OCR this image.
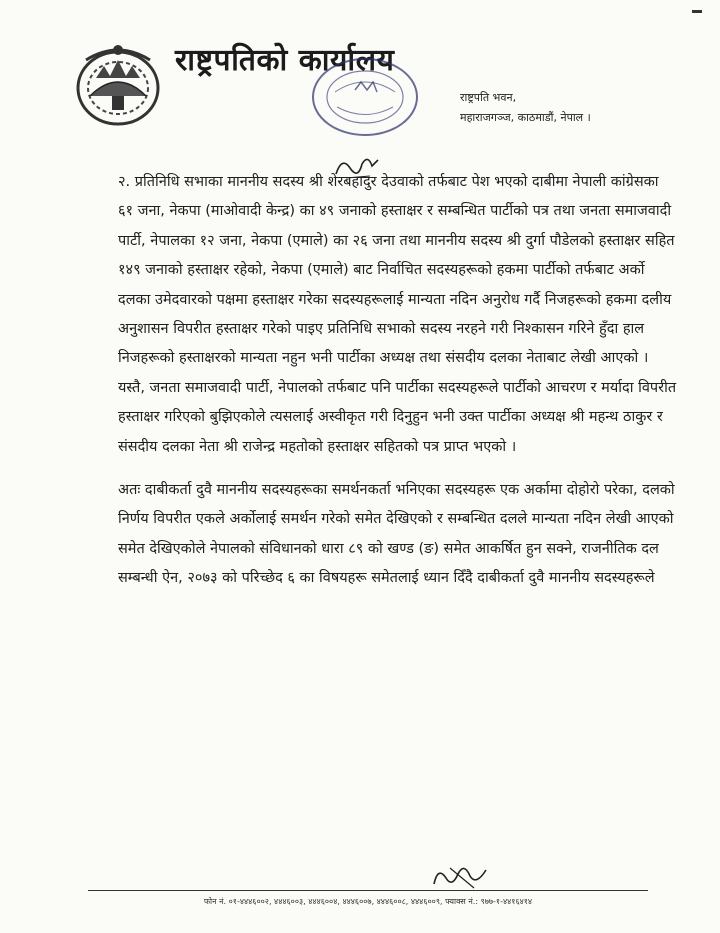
राष्ट्रपतिको कार्यालय
राष्ट्रपति भवन,
महाराजगञ्ज, काठमाडौं, नेपाल ।
२. प्रतिनिधि सभाका माननीय सदस्य श्री शेरबहादुर देउवाको तर्फबाट पेश भएको दाबीमा नेपाली कांग्रेसका ६१ जना, नेकपा (माओवादी केन्द्र) का ४९ जनाको हस्ताक्षर र सम्बन्धित पार्टीको पत्र तथा जनता समाजवादी पार्टी, नेपालका १२ जना, नेकपा (एमाले) का २६ जना तथा माननीय सदस्य श्री दुर्गा पौडेलको हस्ताक्षर सहित १४९ जनाको हस्ताक्षर रहेको, नेकपा (एमाले) बाट निर्वाचित सदस्यहरूको हकमा पार्टीको तर्फबाट अर्को दलका उमेदवारको पक्षमा हस्ताक्षर गरेका सदस्यहरूलाई मान्यता नदिन अनुरोध गर्दै निजहरूको हकमा दलीय अनुशासन विपरीत हस्ताक्षर गरेको पाइए प्रतिनिधि सभाको सदस्य नरहने गरी निश्कासन गरिने हुँदा हाल निजहरूको हस्ताक्षरको मान्यता नहुन भनी पार्टीका अध्यक्ष तथा संसदीय दलका नेताबाट लेखी आएको । यस्तै, जनता समाजवादी पार्टी, नेपालको तर्फबाट पनि पार्टीका सदस्यहरूले पार्टीको आचरण र मर्यादा विपरीत हस्ताक्षर गरिएको बुझिएकोले त्यसलाई अस्वीकृत गरी दिनुहुन भनी उक्त पार्टीका अध्यक्ष श्री महन्थ ठाकुर र संसदीय दलका नेता श्री राजेन्द्र महतोको हस्ताक्षर सहितको पत्र प्राप्त भएको ।
अतः दाबीकर्ता दुवै माननीय सदस्यहरूका समर्थनकर्ता भनिएका सदस्यहरू एक अर्कामा दोहोरो परेका, दलको निर्णय विपरीत एकले अर्कोलाई समर्थन गरेको समेत देखिएको र सम्बन्धित दलले मान्यता नदिन लेखी आएको समेत देखिएकोले नेपालको संविधानको धारा ८९ को खण्ड (ङ) समेत आकर्षित हुन सक्ने, राजनीतिक दल सम्बन्धी ऐन, २०७३ को परिच्छेद ६ का विषयहरू समेतलाई ध्यान दिँदै दाबीकर्ता दुवै माननीय सदस्यहरूले
फोन नं. ०१-४४४६००२, ४४४६००३, ४४४६००४, ४४४६००७, ४४४६००८, ४४४६००९, फ्याक्स नं.: ९७७-१-४४१६४१४
